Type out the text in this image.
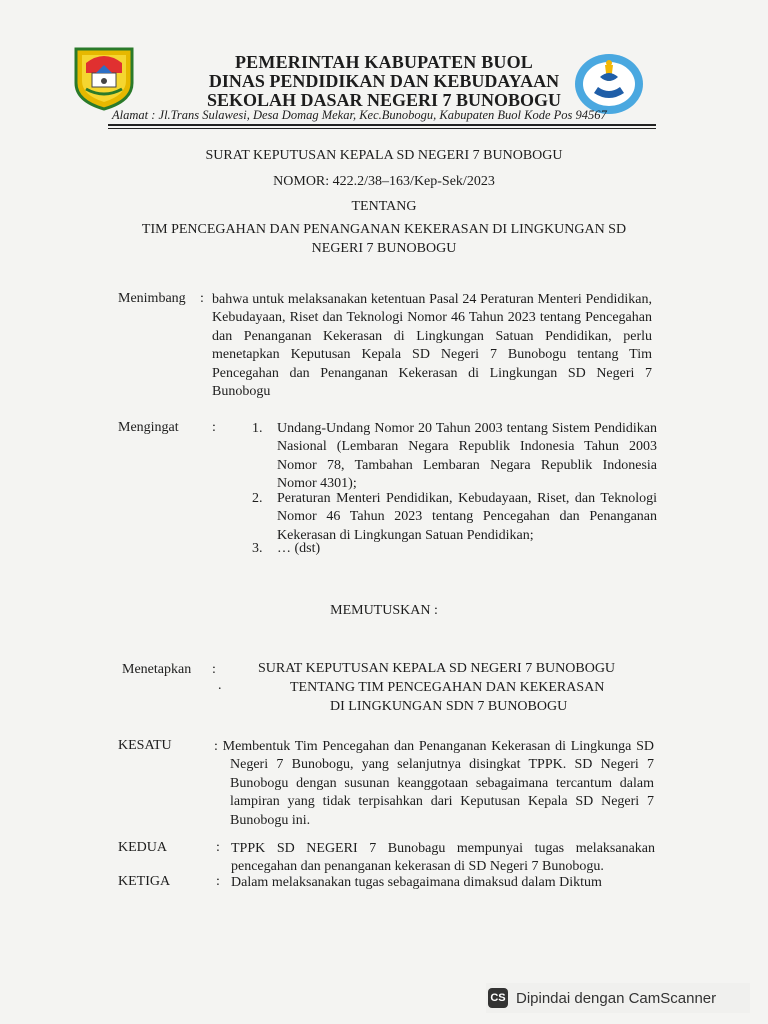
PEMERINTAH KABUPATEN BUOL
DINAS PENDIDIKAN DAN KEBUDAYAAN
SEKOLAH DASAR NEGERI 7 BUNOBOGU
Alamat : Jl.Trans Sulawesi, Desa Domag Mekar, Kec.Bunobogu, Kabupaten Buol Kode Pos 94567
SURAT KEPUTUSAN KEPALA SD NEGERI 7 BUNOBOGU
NOMOR: 422.2/38–163/Kep-Sek/2023
TENTANG
TIM PENCEGAHAN DAN PENANGANAN KEKERASAN DI LINGKUNGAN SD
NEGERI 7 BUNOBOGU
Menimbang : bahwa untuk melaksanakan ketentuan Pasal 24 Peraturan Menteri Pendidikan, Kebudayaan, Riset dan Teknologi Nomor 46 Tahun 2023 tentang Pencegahan dan Penanganan Kekerasan di Lingkungan Satuan Pendidikan, perlu menetapkan Keputusan Kepala SD Negeri 7 Bunobogu tentang Tim Pencegahan dan Penanganan Kekerasan di Lingkungan SD Negeri 7 Bunobogu
Mengingat :	1. Undang-Undang Nomor 20 Tahun 2003 tentang Sistem Pendidikan Nasional (Lembaran Negara Republik Indonesia Tahun 2003 Nomor 78, Tambahan Lembaran Negara Republik Indonesia Nomor 4301);
2. Peraturan Menteri Pendidikan, Kebudayaan, Riset, dan Teknologi Nomor 46 Tahun 2023 tentang Pencegahan dan Penanganan Kekerasan di Lingkungan Satuan Pendidikan;
3. … (dst)
MEMUTUSKAN :
Menetapkan :
.
SURAT KEPUTUSAN KEPALA SD NEGERI 7 BUNOBOGU
TENTANG TIM PENCEGAHAN DAN KEKERASAN
DI LINGKUNGAN SDN 7 BUNOBOGU
KESATU	: Membentuk Tim Pencegahan dan Penanganan Kekerasan di Lingkunga SD Negeri 7 Bunobogu, yang selanjutnya disingkat TPPK. SD Negeri 7 Bunobogu dengan susunan keanggotaan sebagaimana tercantum dalam lampiran yang tidak terpisahkan dari Keputusan Kepala SD Negeri 7 Bunobogu ini.
KEDUA	: TPPK SD NEGERI 7 Bunobagu mempunyai tugas melaksanakan pencegahan dan penanganan kekerasan di SD Negeri 7 Bunobogu.
KETIGA	: Dalam melaksanakan tugas sebagaimana dimaksud dalam Diktum
CS Dipindai dengan CamScanner
